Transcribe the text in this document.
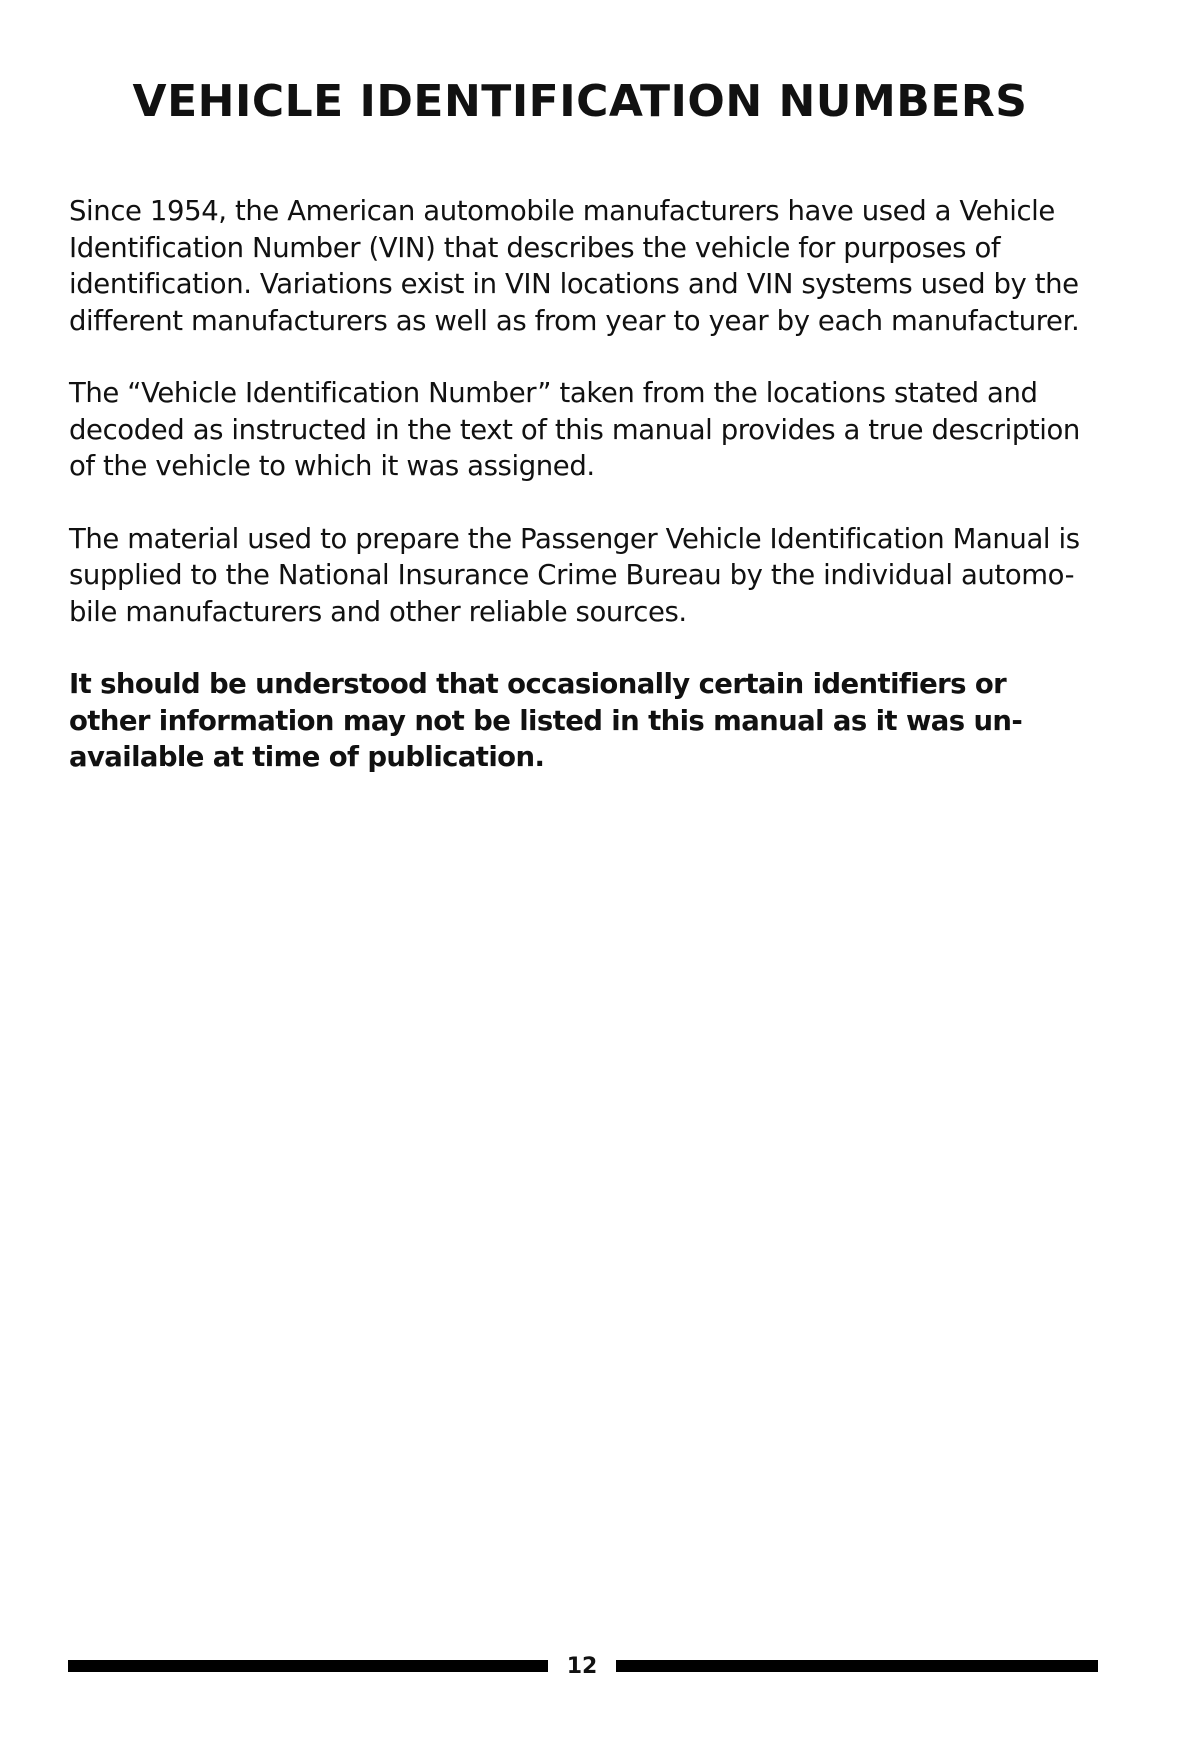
VEHICLE IDENTIFICATION NUMBERS

Since 1954, the American automobile manufacturers have used a Vehicle
Identification Number (VIN) that describes the vehicle for purposes of
identification. Variations exist in VIN locations and VIN systems used by the
different manufacturers as well as from year to year by each manufacturer.

The “Vehicle Identification Number” taken from the locations stated and
decoded as instructed in the text of this manual provides a true description
of the vehicle to which it was assigned.

The material used to prepare the Passenger Vehicle Identification Manual is
supplied to the National Insurance Crime Bureau by the individual automo-
bile manufacturers and other reliable sources.

It should be understood that occasionally certain identifiers or
other information may not be listed in this manual as it was un-
available at time of publication.

12
